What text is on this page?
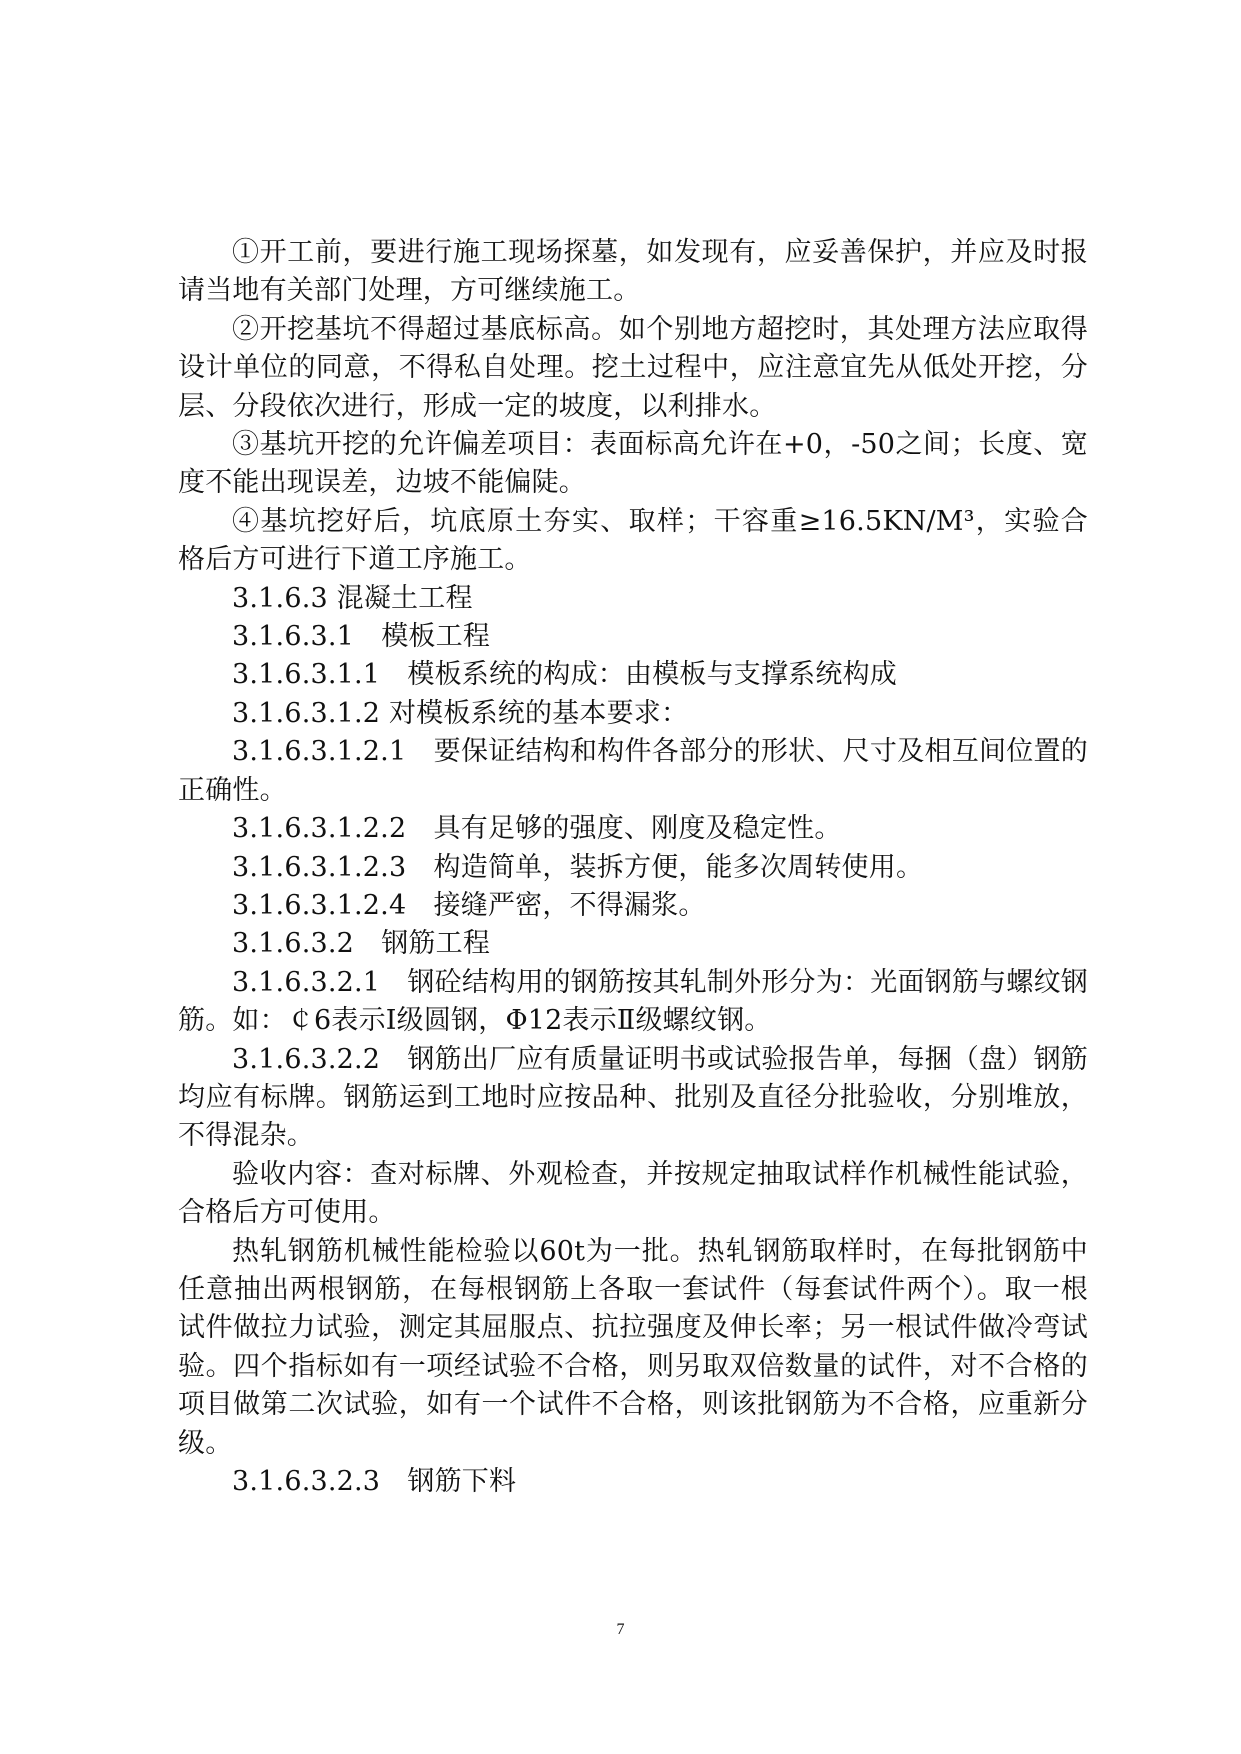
①开工前，要进行施工现场探墓，如发现有，应妥善保护，并应及时报请当地有关部门处理，方可继续施工。

②开挖基坑不得超过基底标高。如个别地方超挖时，其处理方法应取得设计单位的同意，不得私自处理。挖土过程中，应注意宜先从低处开挖，分层、分段依次进行，形成一定的坡度，以利排水。

③基坑开挖的允许偏差项目：表面标高允许在+0，-50之间；长度、宽度不能出现误差，边坡不能偏陡。

④基坑挖好后，坑底原土夯实、取样；干容重≥16.5KN/M³，实验合格后方可进行下道工序施工。

3.1.6.3 混凝土工程

3.1.6.3.1　模板工程

3.1.6.3.1.1　模板系统的构成：由模板与支撑系统构成

3.1.6.3.1.2 对模板系统的基本要求：

3.1.6.3.1.2.1　要保证结构和构件各部分的形状、尺寸及相互间位置的正确性。

3.1.6.3.1.2.2　具有足够的强度、刚度及稳定性。

3.1.6.3.1.2.3　构造简单，装拆方便，能多次周转使用。

3.1.6.3.1.2.4　接缝严密，不得漏浆。

3.1.6.3.2　钢筋工程

3.1.6.3.2.1　钢砼结构用的钢筋按其轧制外形分为：光面钢筋与螺纹钢筋。如：￠6表示Ⅰ级圆钢，Φ12表示Ⅱ级螺纹钢。

3.1.6.3.2.2　钢筋出厂应有质量证明书或试验报告单，每捆（盘）钢筋均应有标牌。钢筋运到工地时应按品种、批别及直径分批验收，分别堆放，不得混杂。

验收内容：查对标牌、外观检查，并按规定抽取试样作机械性能试验，合格后方可使用。

热轧钢筋机械性能检验以60t为一批。热轧钢筋取样时，在每批钢筋中任意抽出两根钢筋，在每根钢筋上各取一套试件（每套试件两个）。取一根试件做拉力试验，测定其屈服点、抗拉强度及伸长率；另一根试件做冷弯试验。四个指标如有一项经试验不合格，则另取双倍数量的试件，对不合格的项目做第二次试验，如有一个试件不合格，则该批钢筋为不合格，应重新分级。

3.1.6.3.2.3　钢筋下料

7
